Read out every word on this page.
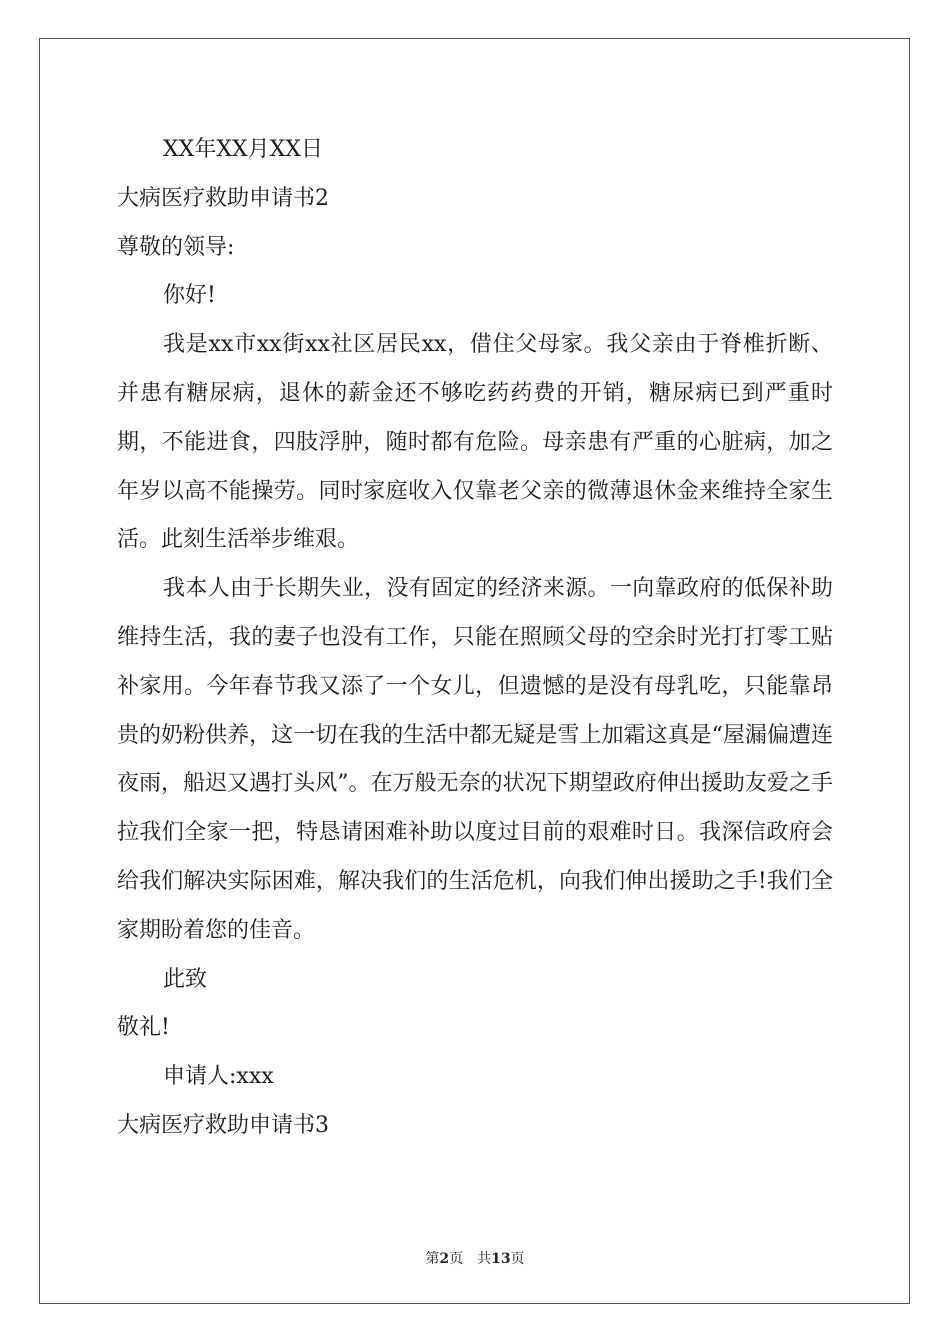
XX年XX月XX日

大病医疗救助申请书2

尊敬的领导:

你好!

我是xx市xx街xx社区居民xx，借住父母家。我父亲由于脊椎折断、并患有糖尿病，退休的薪金还不够吃药药费的开销，糖尿病已到严重时期，不能进食，四肢浮肿，随时都有危险。母亲患有严重的心脏病，加之年岁以高不能操劳。同时家庭收入仅靠老父亲的微薄退休金来维持全家生活。此刻生活举步维艰。

我本人由于长期失业，没有固定的经济来源。一向靠政府的低保补助维持生活，我的妻子也没有工作，只能在照顾父母的空余时光打打零工贴补家用。今年春节我又添了一个女儿，但遗憾的是没有母乳吃，只能靠昂贵的奶粉供养，这一切在我的生活中都无疑是雪上加霜这真是“屋漏偏遭连夜雨，船迟又遇打头风”。在万般无奈的状况下期望政府伸出援助友爱之手拉我们全家一把，特恳请困难补助以度过目前的艰难时日。我深信政府会给我们解决实际困难，解决我们的生活危机，向我们伸出援助之手!我们全家期盼着您的佳音。

此致

敬礼!

申请人:xxx

大病医疗救助申请书3

第2页 共13页
